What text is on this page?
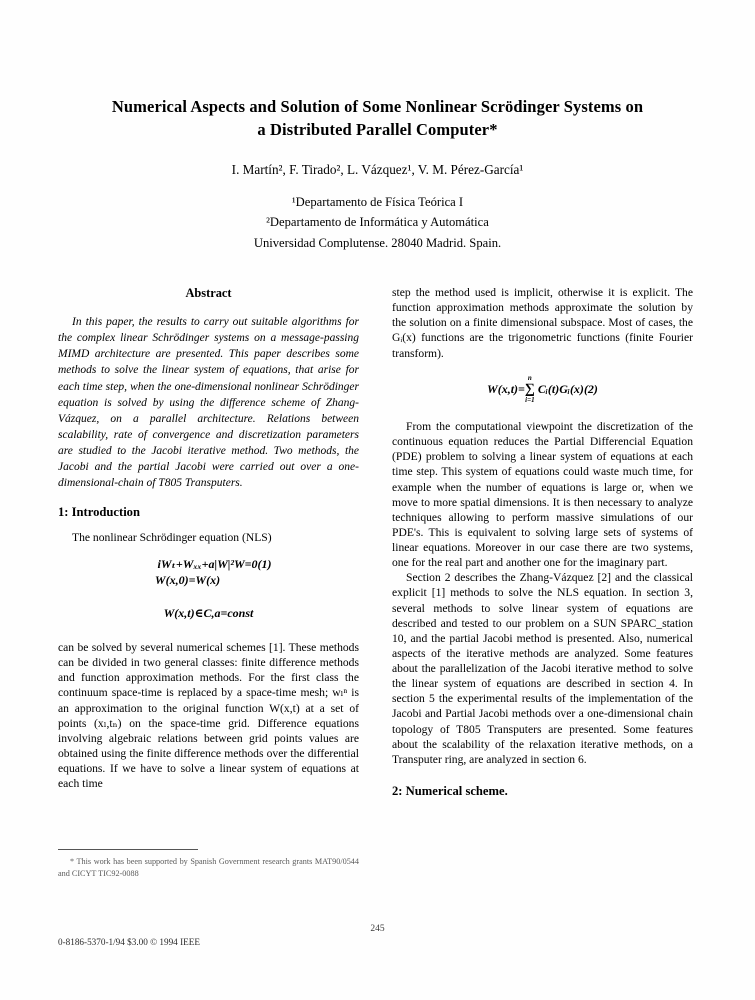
Numerical Aspects and Solution of Some Nonlinear Scrödinger Systems on
a Distributed Parallel Computer*
I. Martín², F. Tirado², L. Vázquez¹, V. M. Pérez-García¹
¹Departamento de Física Teórica I
²Departamento de Informática y Automática
Universidad Complutense. 28040 Madrid. Spain.
Abstract
In this paper, the results to carry out suitable algorithms for the complex linear Schrödinger systems on a message-passing MIMD architecture are presented. This paper describes some methods to solve the linear system of equations, that arise for each time step, when the one-dimensional nonlinear Schrödinger equation is solved by using the difference scheme of Zhang-Vázquez, on a parallel architecture. Relations between scalability, rate of convergence and discretization parameters are studied to the Jacobi iterative method. Two methods, the Jacobi and the partial Jacobi were carried out over a one-dimensional-chain of T805 Transputers.
1: Introduction

The nonlinear Schrödinger equation (NLS)

iWₜ+Wₓₓ+a|W|²W=0(1)
W(x,0)=W(x)
W(x,t)∈C,a=const

can be solved by several numerical schemes [1]. These methods can be divided in two general classes: finite difference methods and function approximation methods. For the first class the continuum space-time is replaced by a space-time mesh; wₗⁿ is an approximation to the original function W(x,t) at a set of points (xₗ,tₙ) on the space-time grid. Difference equations involving algebraic relations between grid points values are obtained using the finite difference methods over the differential equations. If we have to solve a linear system of equations at each time

step the method used is implicit, otherwise it is explicit. The function approximation methods approximate the solution by the solution on a finite dimensional subspace. Most of cases, the Gᵢ(x) functions are the trigonometric functions (finite Fourier transform).

W(x,t)=∑
n
i=1
Cᵢ(t)Gᵢ(x)(2)

From the computational viewpoint the discretization of the continuous equation reduces the Partial Differencial Equation (PDE) problem to solving a linear system of equations at each time step. This system of equations could waste much time, for example when the number of equations is large or, when we move to more spatial dimensions. It is then necessary to analyze techniques allowing to perform massive simulations of our PDE's. This is equivalent to solving large sets of systems of linear equations. Moreover in our case there are two systems, one for the real part and another one for the imaginary part.

Section 2 describes the Zhang-Vázquez [2] and the classical explicit [1] methods to solve the NLS equation. In section 3, several methods to solve linear system of equations are described and tested to our problem on a SUN SPARC_station 10, and the partial Jacobi method is presented. Also, numerical aspects of the iterative methods are analyzed. Some features about the parallelization of the Jacobi iterative method to solve the linear system of equations are described in section 4. In section 5 the experimental results of the implementation of the Jacobi and Partial Jacobi methods over a one-dimensional chain topology of T805 Transputers are presented. Some features about the scalability of the relaxation iterative methods, on a Transputer ring, are analyzed in section 6.

2: Numerical scheme.
* This work has been supported by Spanish Government research grants MAT90/0544 and CICYT TIC92-0088
245
0-8186-5370-1/94 $3.00 © 1994 IEEE
